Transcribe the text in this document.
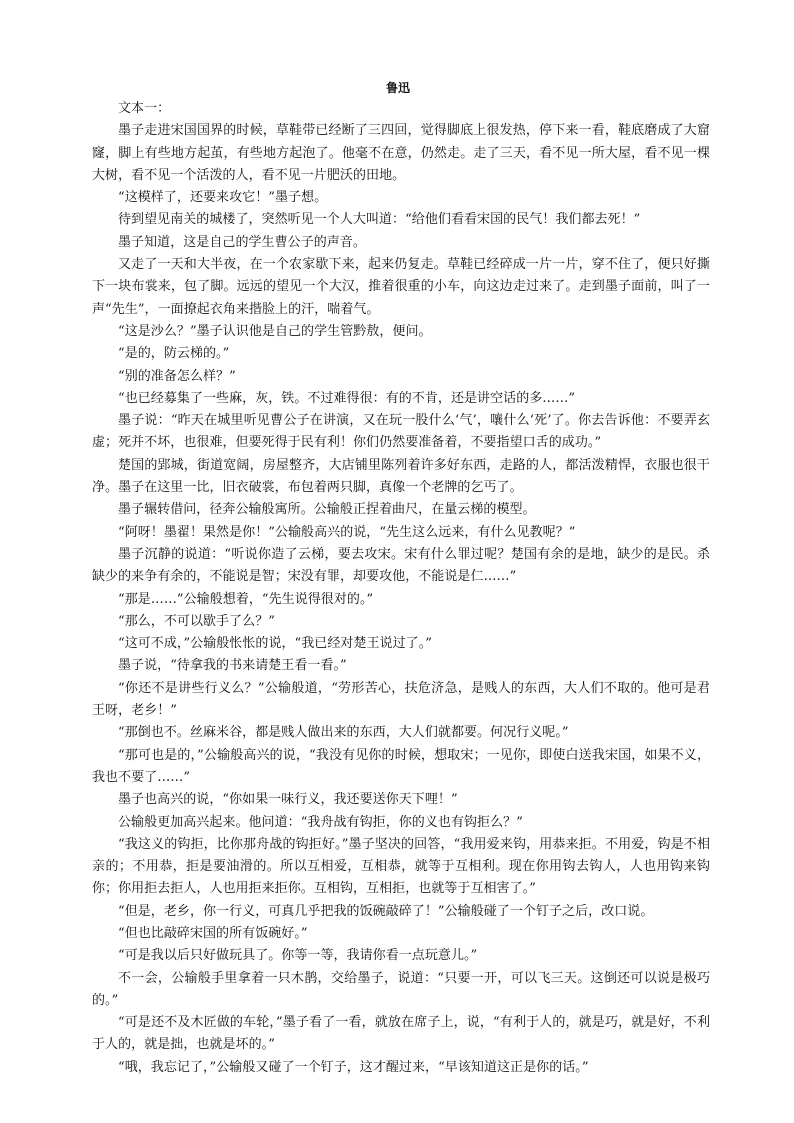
鲁迅

文本一：

墨子走进宋国国界的时候，草鞋带已经断了三四回，觉得脚底上很发热，停下来一看，鞋底磨成了大窟窿，脚上有些地方起茧，有些地方起泡了。他毫不在意，仍然走。走了三天，看不见一所大屋，看不见一棵大树，看不见一个活泼的人，看不见一片肥沃的田地。

“这模样了，还要来攻它！”墨子想。

待到望见南关的城楼了，突然听见一个人大叫道：“给他们看看宋国的民气！我们都去死！”

墨子知道，这是自己的学生曹公子的声音。

又走了一天和大半夜，在一个农家歇下来，起来仍复走。草鞋已经碎成一片一片，穿不住了，便只好撕下一块布裳来，包了脚。远远的望见一个大汉，推着很重的小车，向这边走过来了。走到墨子面前，叫了一声“先生”，一面撩起衣角来揩脸上的汗，喘着气。

“这是沙么？”墨子认识他是自己的学生管黔敖，便问。

“是的，防云梯的。”

“别的准备怎么样？”

“也已经募集了一些麻，灰，铁。不过难得很：有的不肯，还是讲空话的多……”

墨子说：“昨天在城里听见曹公子在讲演，又在玩一股什么‘气’，嚷什么‘死’了。你去告诉他：不要弄玄虚；死并不坏，也很难，但要死得于民有利！你们仍然要准备着，不要指望口舌的成功。”

楚国的郢城，街道宽阔，房屋整齐，大店铺里陈列着许多好东西，走路的人，都活泼精悍，衣服也很干净。墨子在这里一比，旧衣破裳，布包着两只脚，真像一个老牌的乞丐了。

墨子辗转借问，径奔公输般寓所。公输般正捏着曲尺，在量云梯的模型。

“阿呀！墨翟！果然是你！”公输般高兴的说，“先生这么远来，有什么见教呢？”

墨子沉静的说道：“听说你造了云梯，要去攻宋。宋有什么罪过呢？楚国有余的是地，缺少的是民。杀缺少的来争有余的，不能说是智；宋没有罪，却要攻他，不能说是仁……”

“那是……”公输般想着，“先生说得很对的。”

“那么，不可以歇手了么？”

“这可不成，”公输般怅怅的说，“我已经对楚王说过了。”

墨子说，“待拿我的书来请楚王看一看。”

“你还不是讲些行义么？”公输般道，“劳形苦心，扶危济急，是贱人的东西，大人们不取的。他可是君王呀，老乡！”

“那倒也不。丝麻米谷，都是贱人做出来的东西，大人们就都要。何况行义呢。”

“那可也是的，”公输般高兴的说，“我没有见你的时候，想取宋；一见你，即使白送我宋国，如果不义，我也不要了……”

墨子也高兴的说，“你如果一味行义，我还要送你天下哩！”

公输般更加高兴起来。他问道：“我舟战有钩拒，你的义也有钩拒么？”

“我这义的钩拒，比你那舟战的钩拒好。”墨子坚决的回答，“我用爱来钩，用恭来拒。不用爱，钩是不相亲的；不用恭，拒是要油滑的。所以互相爱，互相恭，就等于互相利。现在你用钩去钩人，人也用钩来钩你；你用拒去拒人，人也用拒来拒你。互相钩，互相拒，也就等于互相害了。”

“但是，老乡，你一行义，可真几乎把我的饭碗敲碎了！”公输般碰了一个钉子之后，改口说。

“但也比敲碎宋国的所有饭碗好。”

“可是我以后只好做玩具了。你等一等，我请你看一点玩意儿。”

不一会，公输般手里拿着一只木鹊，交给墨子，说道：“只要一开，可以飞三天。这倒还可以说是极巧的。”

“可是还不及木匠做的车轮，”墨子看了一看，就放在席子上，说，“有利于人的，就是巧，就是好，不利于人的，就是拙，也就是坏的。”

“哦，我忘记了，”公输般又碰了一个钉子，这才醒过来，“早该知道这正是你的话。”
